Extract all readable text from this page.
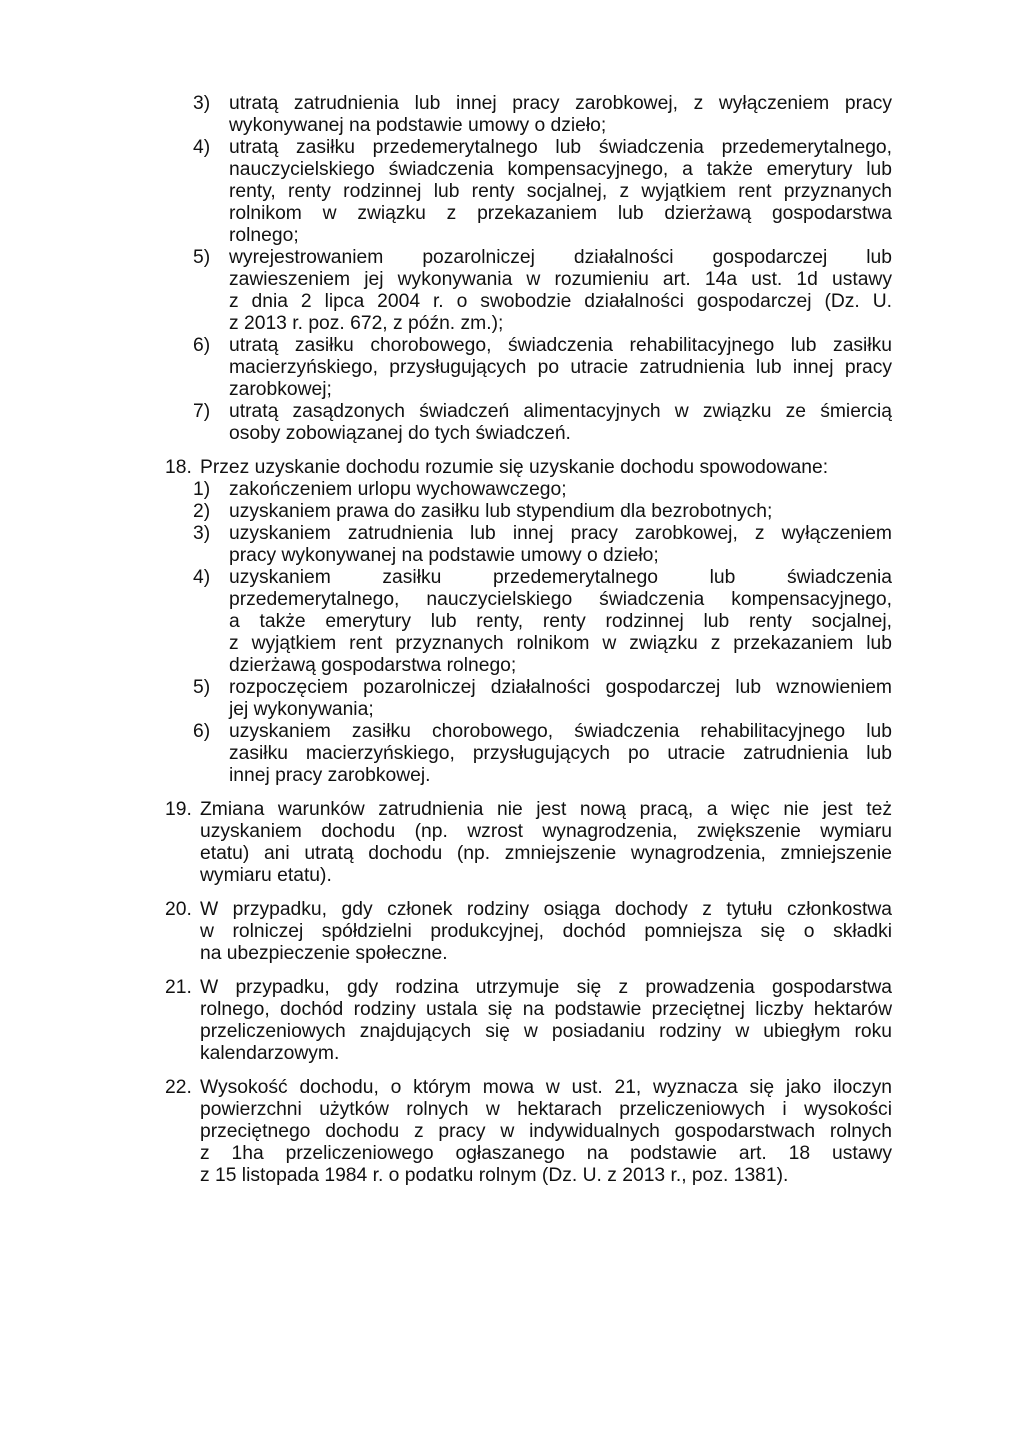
3) utratą zatrudnienia lub innej pracy zarobkowej, z wyłączeniem pracy
wykonywanej na podstawie umowy o dzieło;
4) utratą zasiłku przedemerytalnego lub świadczenia przedemerytalnego,
nauczycielskiego świadczenia kompensacyjnego, a także emerytury lub
renty, renty rodzinnej lub renty socjalnej, z wyjątkiem rent przyznanych
rolnikom w związku z przekazaniem lub dzierżawą gospodarstwa
rolnego;
5) wyrejestrowaniem pozarolniczej działalności gospodarczej lub
zawieszeniem jej wykonywania w rozumieniu art. 14a ust. 1d ustawy
z dnia 2 lipca 2004 r. o swobodzie działalności gospodarczej (Dz. U.
z 2013 r. poz. 672, z późn. zm.);
6) utratą zasiłku chorobowego, świadczenia rehabilitacyjnego lub zasiłku
macierzyńskiego, przysługujących po utracie zatrudnienia lub innej pracy
zarobkowej;
7) utratą zasądzonych świadczeń alimentacyjnych w związku ze śmiercią
osoby zobowiązanej do tych świadczeń.
18. Przez uzyskanie dochodu rozumie się uzyskanie dochodu spowodowane:
1) zakończeniem urlopu wychowawczego;
2) uzyskaniem prawa do zasiłku lub stypendium dla bezrobotnych;
3) uzyskaniem zatrudnienia lub innej pracy zarobkowej, z wyłączeniem
pracy wykonywanej na podstawie umowy o dzieło;
4) uzyskaniem zasiłku przedemerytalnego lub świadczenia
przedemerytalnego, nauczycielskiego świadczenia kompensacyjnego,
a także emerytury lub renty, renty rodzinnej lub renty socjalnej,
z wyjątkiem rent przyznanych rolnikom w związku z przekazaniem lub
dzierżawą gospodarstwa rolnego;
5) rozpoczęciem pozarolniczej działalności gospodarczej lub wznowieniem
jej wykonywania;
6) uzyskaniem zasiłku chorobowego, świadczenia rehabilitacyjnego lub
zasiłku macierzyńskiego, przysługujących po utracie zatrudnienia lub
innej pracy zarobkowej.
19. Zmiana warunków zatrudnienia nie jest nową pracą, a więc nie jest też
uzyskaniem dochodu (np. wzrost wynagrodzenia, zwiększenie wymiaru
etatu) ani utratą dochodu (np. zmniejszenie wynagrodzenia, zmniejszenie
wymiaru etatu).
20. W przypadku, gdy członek rodziny osiąga dochody z tytułu członkostwa
w rolniczej spółdzielni produkcyjnej, dochód pomniejsza się o składki
na ubezpieczenie społeczne.
21. W przypadku, gdy rodzina utrzymuje się z prowadzenia gospodarstwa
rolnego, dochód rodziny ustala się na podstawie przeciętnej liczby hektarów
przeliczeniowych znajdujących się w posiadaniu rodziny w ubiegłym roku
kalendarzowym.
22. Wysokość dochodu, o którym mowa w ust. 21, wyznacza się jako iloczyn
powierzchni użytków rolnych w hektarach przeliczeniowych i wysokości
przeciętnego dochodu z pracy w indywidualnych gospodarstwach rolnych
z 1ha przeliczeniowego ogłaszanego na podstawie art. 18 ustawy
z 15 listopada 1984 r. o podatku rolnym (Dz. U. z 2013 r., poz. 1381).
